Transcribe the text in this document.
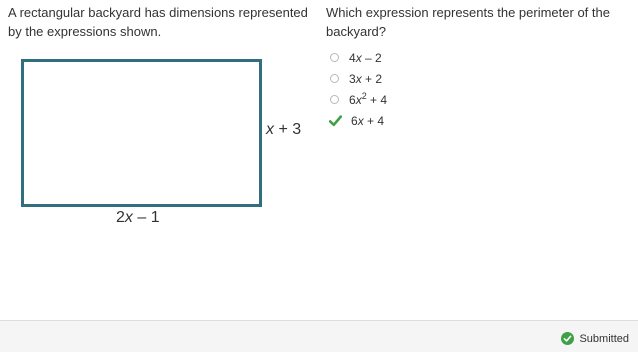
A rectangular backyard has dimensions represented by the expressions shown.
x + 3
2x – 1
Which expression represents the perimeter of the backyard?
4x – 2
3x + 2
$6x^2 + 4$
6x + 4
Submitted
